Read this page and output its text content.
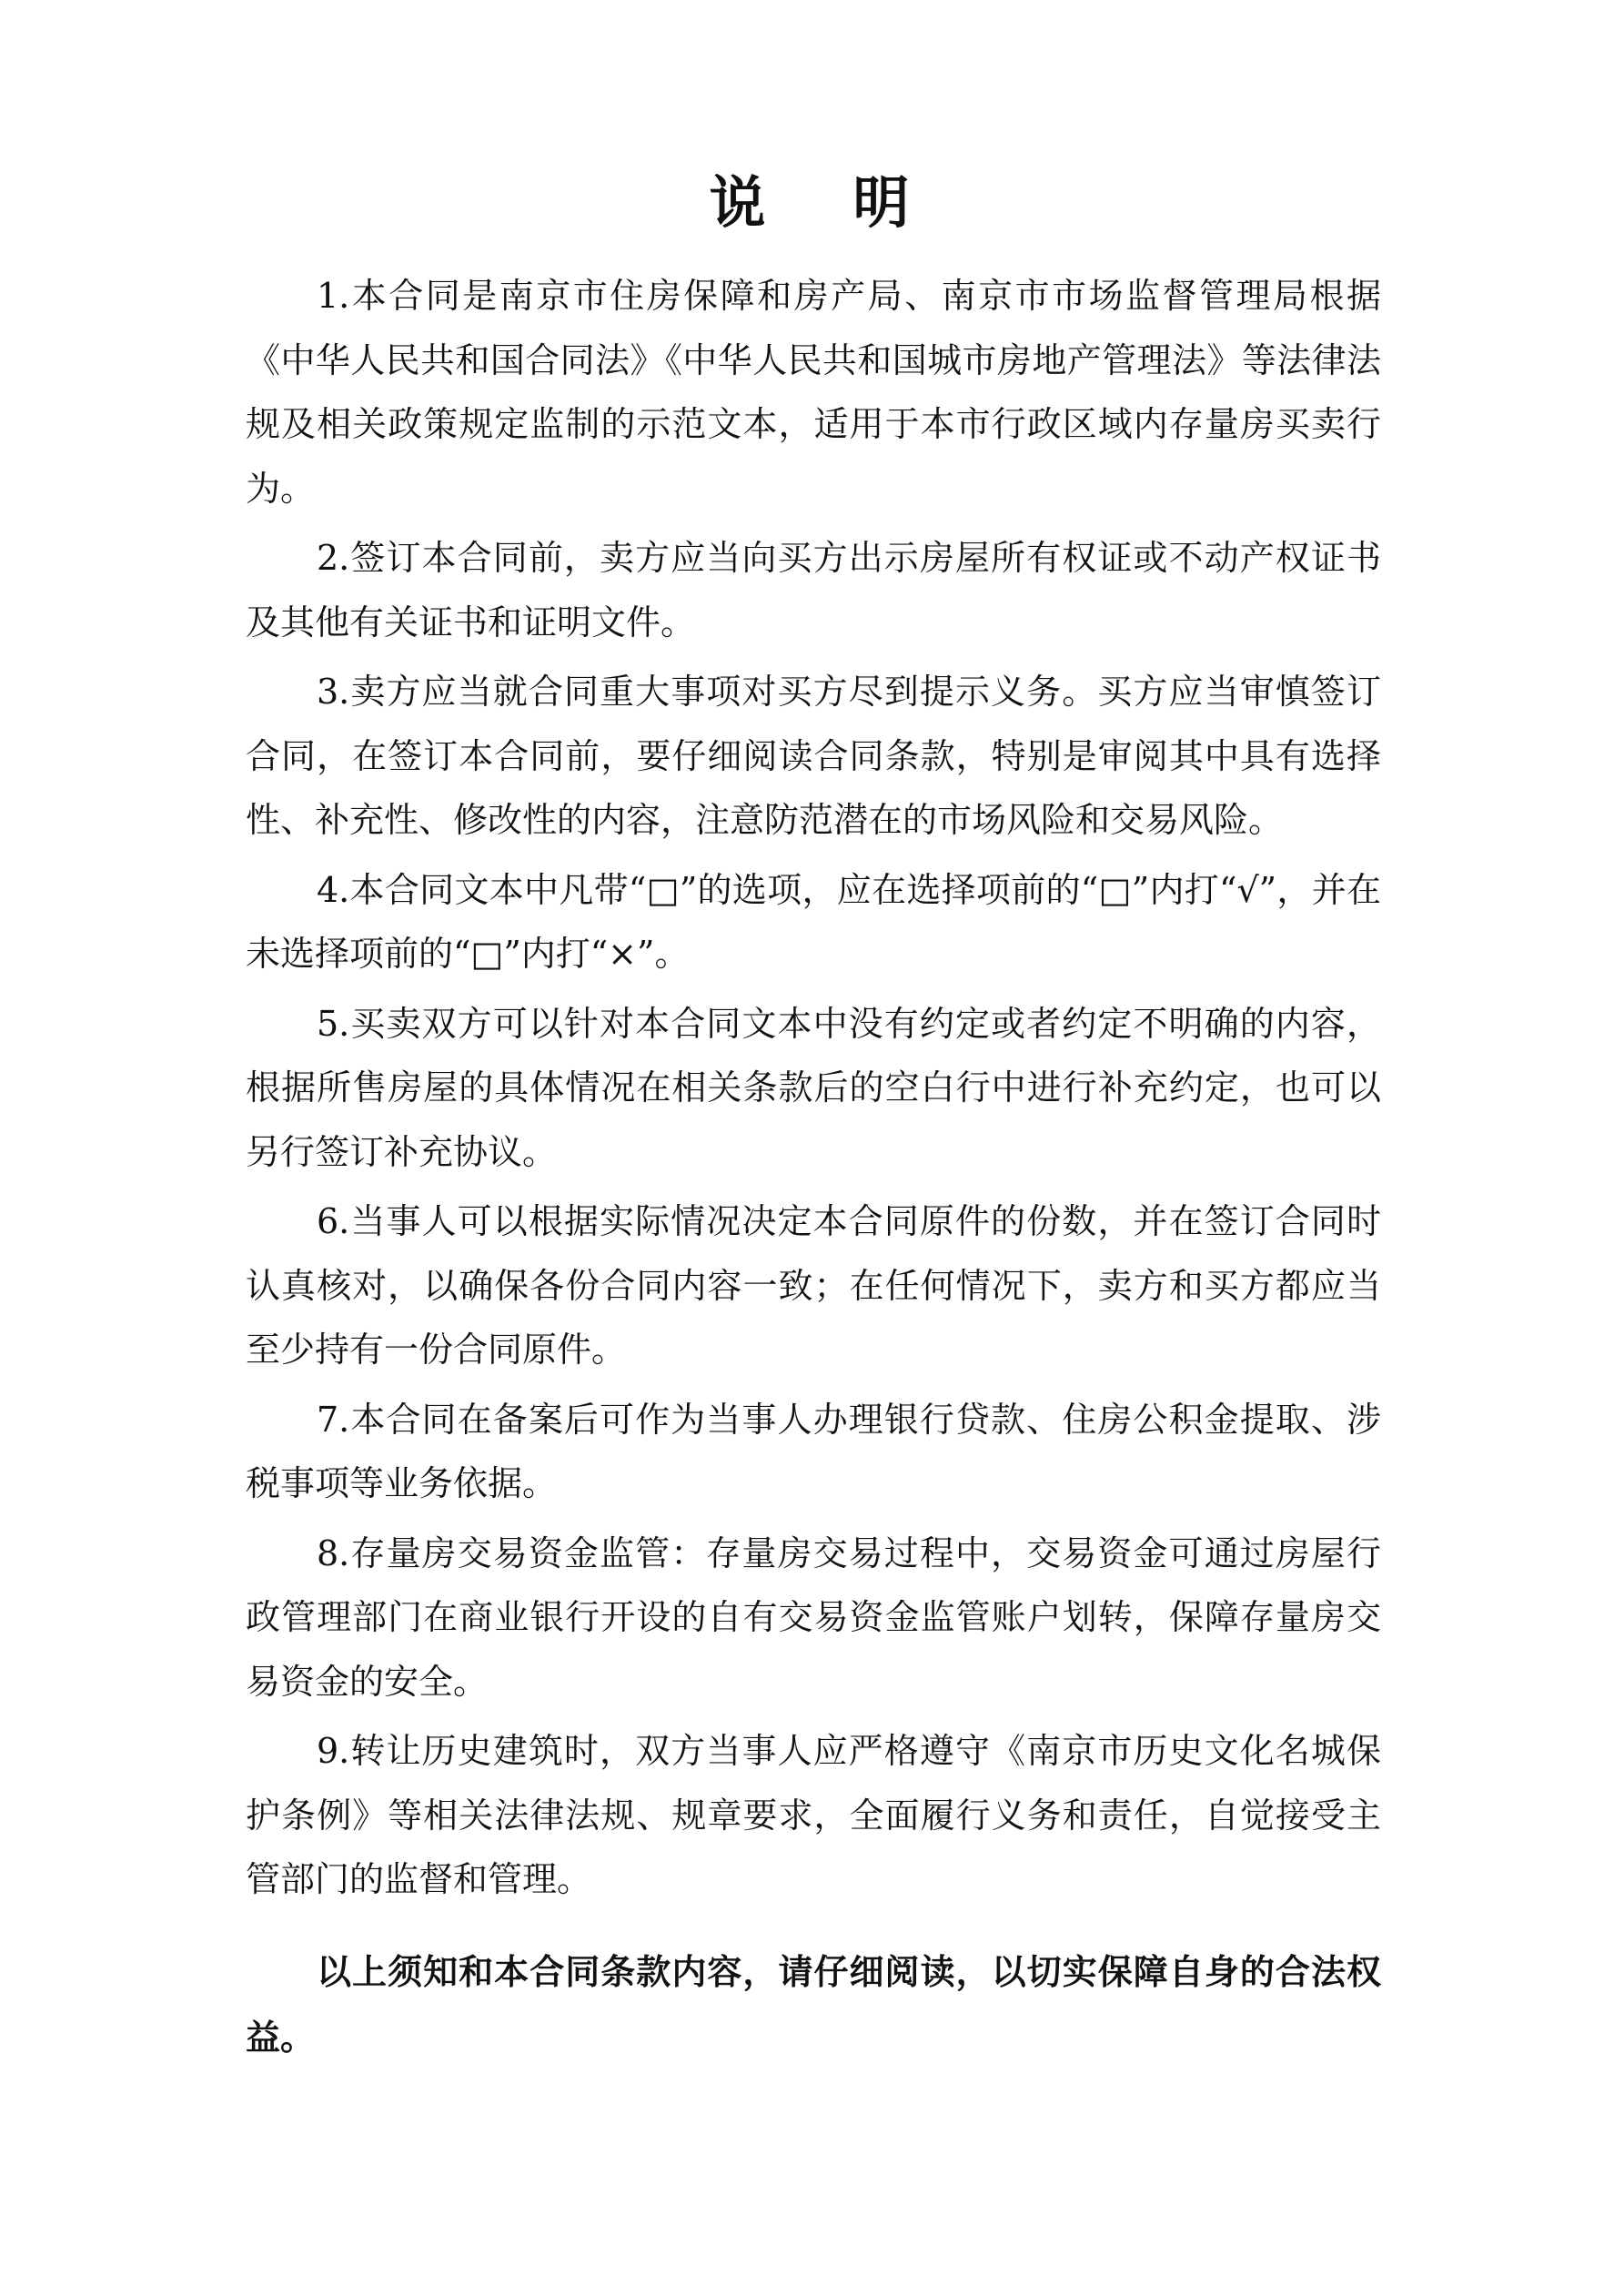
说 明

1.本合同是南京市住房保障和房产局、南京市市场监督管理局根据《中华人民共和国合同法》《中华人民共和国城市房地产管理法》等法律法规及相关政策规定监制的示范文本，适用于本市行政区域内存量房买卖行为。

2.签订本合同前，卖方应当向买方出示房屋所有权证或不动产权证书及其他有关证书和证明文件。

3.卖方应当就合同重大事项对买方尽到提示义务。买方应当审慎签订合同，在签订本合同前，要仔细阅读合同条款，特别是审阅其中具有选择性、补充性、修改性的内容，注意防范潜在的市场风险和交易风险。

4.本合同文本中凡带“□”的选项，应在选择项前的“□”内打“√”，并在未选择项前的“□”内打“×”。

5.买卖双方可以针对本合同文本中没有约定或者约定不明确的内容，根据所售房屋的具体情况在相关条款后的空白行中进行补充约定，也可以另行签订补充协议。

6.当事人可以根据实际情况决定本合同原件的份数，并在签订合同时认真核对，以确保各份合同内容一致；在任何情况下，卖方和买方都应当至少持有一份合同原件。

7.本合同在备案后可作为当事人办理银行贷款、住房公积金提取、涉税事项等业务依据。

8.存量房交易资金监管：存量房交易过程中，交易资金可通过房屋行政管理部门在商业银行开设的自有交易资金监管账户划转，保障存量房交易资金的安全。

9.转让历史建筑时，双方当事人应严格遵守《南京市历史文化名城保护条例》等相关法律法规、规章要求，全面履行义务和责任，自觉接受主管部门的监督和管理。

以上须知和本合同条款内容，请仔细阅读，以切实保障自身的合法权益。
